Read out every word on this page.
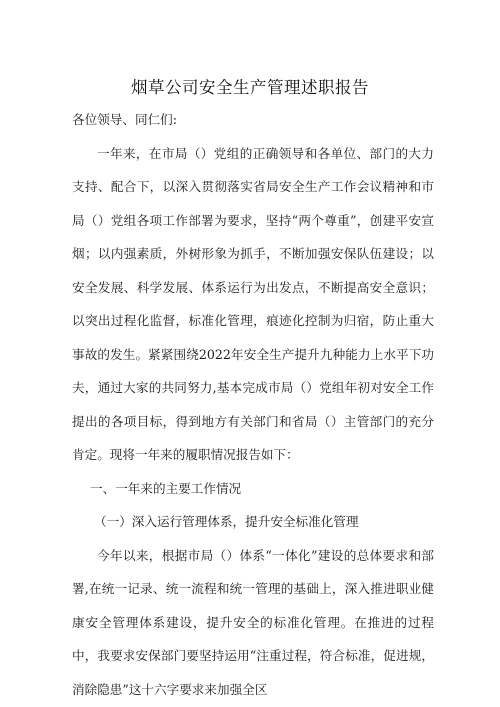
烟草公司安全生产管理述职报告

各位领导、同仁们:

一年来，在市局（）党组的正确领导和各单位、部门的大力支持、配合下，以深入贯彻落实省局安全生产工作会议精神和市局（）党组各项工作部署为要求，坚持“两个尊重”，创建平安宣烟；以内强素质，外树形象为抓手，不断加强安保队伍建设；以安全发展、科学发展、体系运行为出发点，不断提高安全意识；以突出过程化监督，标准化管理，痕迹化控制为归宿，防止重大事故的发生。紧紧围绕2022年安全生产提升九种能力上水平下功夫，通过大家的共同努力,基本完成市局（）党组年初对安全工作提出的各项目标，得到地方有关部门和省局（）主管部门的充分肯定。现将一年来的履职情况报告如下：

一、一年来的主要工作情况

（一）深入运行管理体系，提升安全标准化管理

今年以来，根据市局（）体系“一体化”建设的总体要求和部署,在统一记录、统一流程和统一管理的基础上，深入推进职业健康安全管理体系建设，提升安全的标准化管理。在推进的过程中，我要求安保部门要坚持运用“注重过程，符合标准，促进规，消除隐患”这十六字要求来加强全区
